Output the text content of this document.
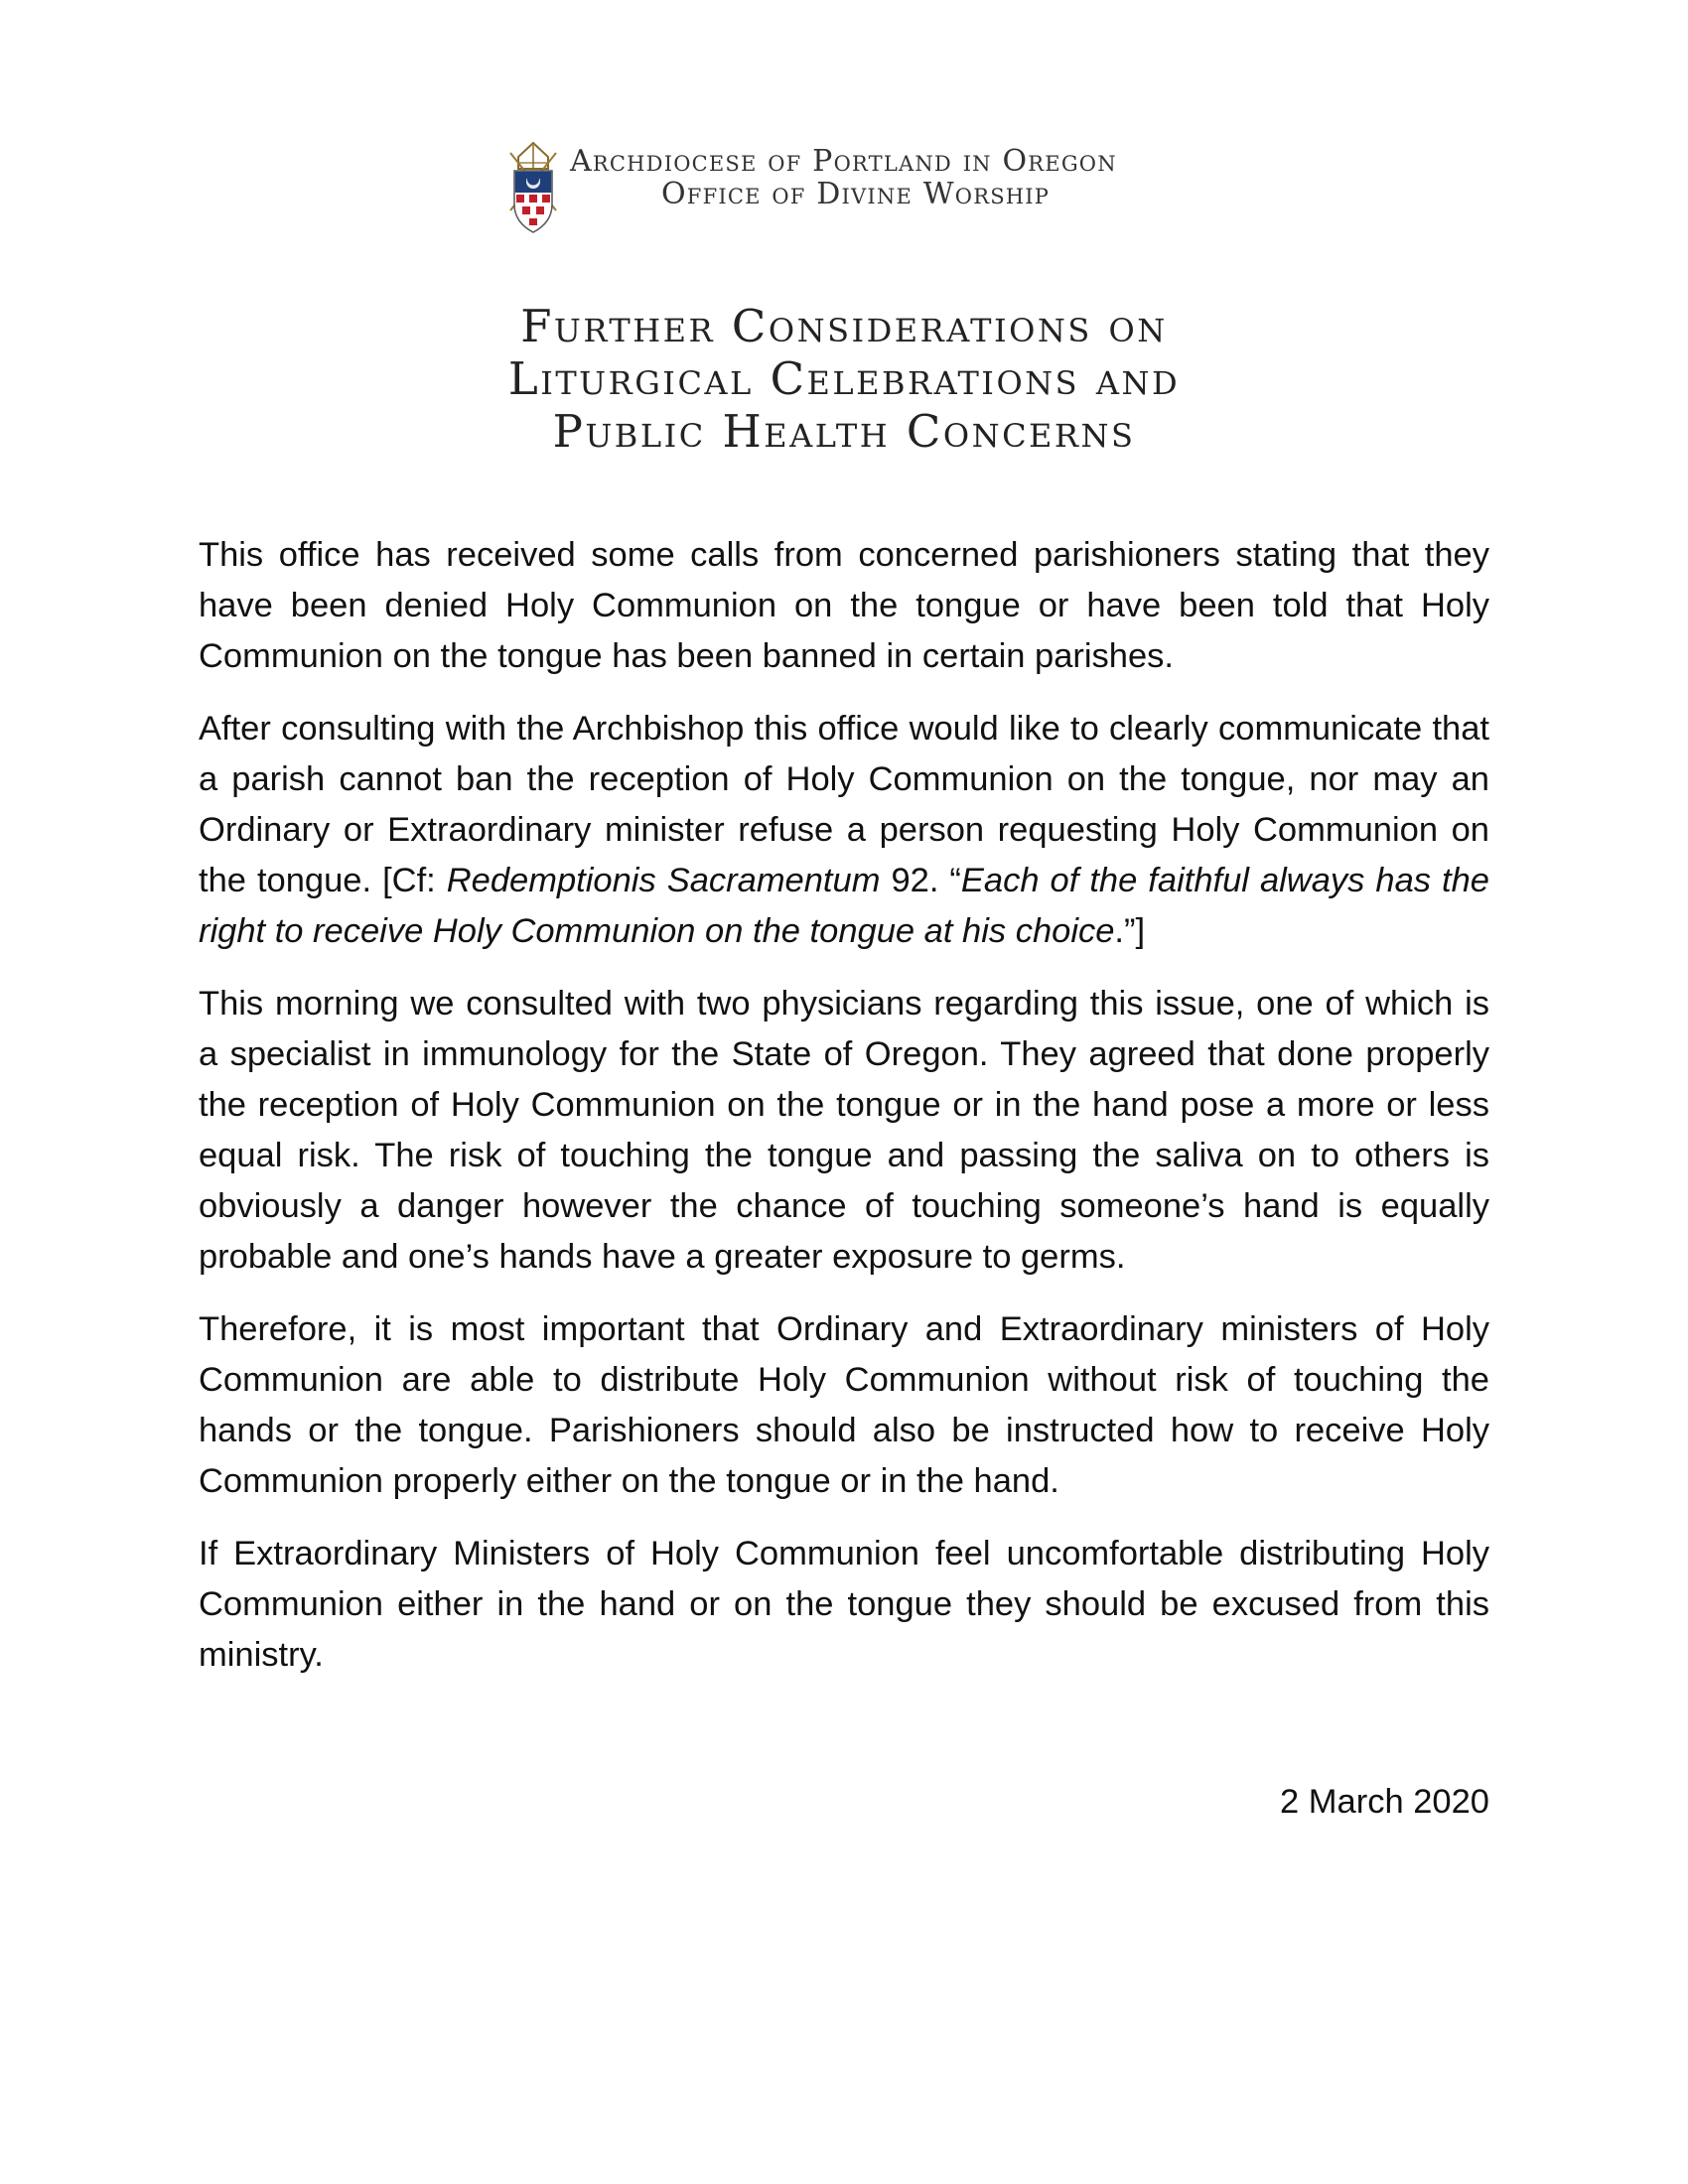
Archdiocese of Portland in Oregon
Office of Divine Worship
Further Considerations on
Liturgical Celebrations and
Public Health Concerns

This office has received some calls from concerned parishioners stating that they have been denied Holy Communion on the tongue or have been told that Holy Communion on the tongue has been banned in certain parishes.

After consulting with the Archbishop this office would like to clearly communicate that a parish cannot ban the reception of Holy Communion on the tongue, nor may an Ordinary or Extraordinary minister refuse a person requesting Holy Communion on the tongue. [Cf: Redemptionis Sacramentum 92. “Each of the faithful always has the right to receive Holy Communion on the tongue at his choice.”]

This morning we consulted with two physicians regarding this issue, one of which is a specialist in immunology for the State of Oregon. They agreed that done properly the reception of Holy Communion on the tongue or in the hand pose a more or less equal risk. The risk of touching the tongue and passing the saliva on to others is obviously a danger however the chance of touching someone’s hand is equally probable and one’s hands have a greater exposure to germs.

Therefore, it is most important that Ordinary and Extraordinary ministers of Holy Communion are able to distribute Holy Communion without risk of touching the hands or the tongue. Parishioners should also be instructed how to receive Holy Communion properly either on the tongue or in the hand.

If Extraordinary Ministers of Holy Communion feel uncomfortable distributing Holy Communion either in the hand or on the tongue they should be excused from this ministry.

2 March 2020
